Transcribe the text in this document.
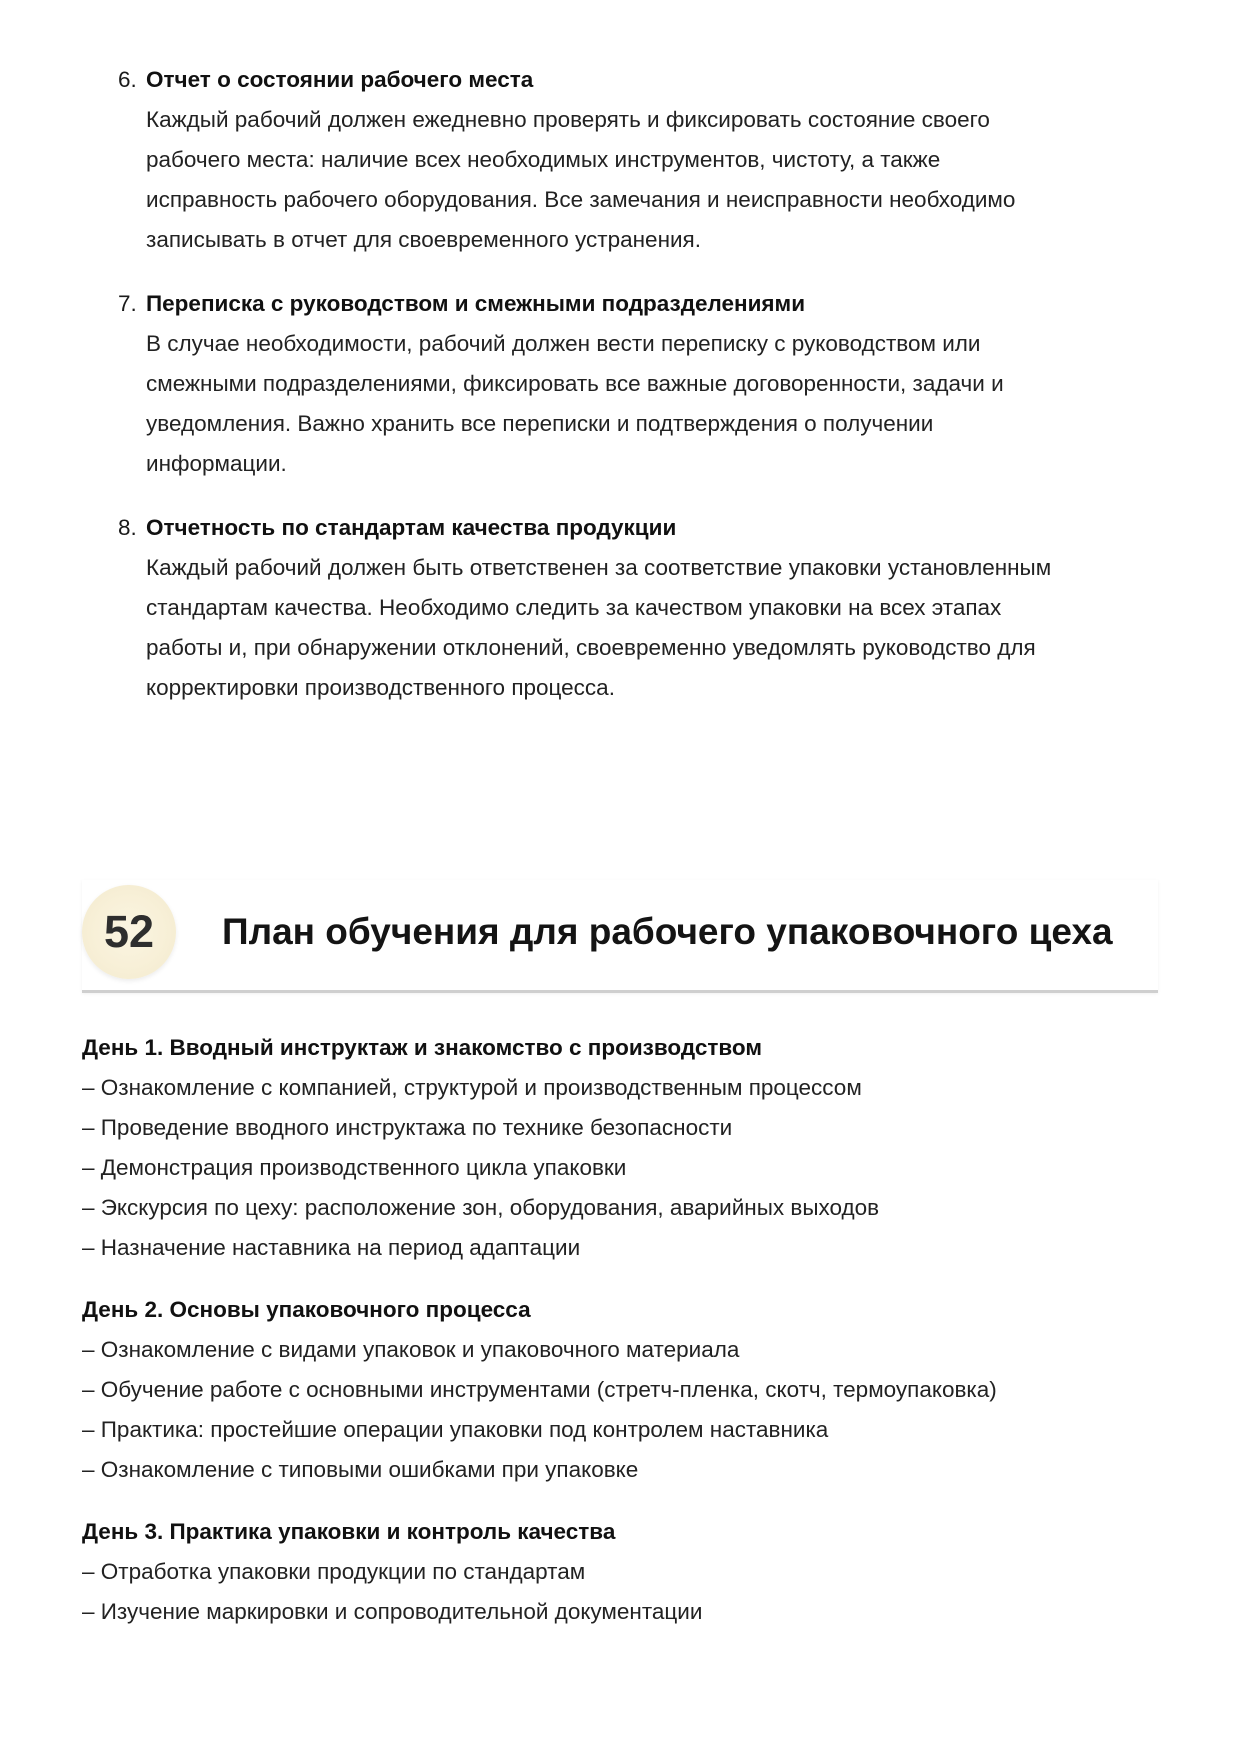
6. Отчет о состоянии рабочего места

Каждый рабочий должен ежедневно проверять и фиксировать состояние своего

рабочего места: наличие всех необходимых инструментов, чистоту, а также

исправность рабочего оборудования. Все замечания и неисправности необходимо

записывать в отчет для своевременного устранения.

7. Переписка с руководством и смежными подразделениями

В случае необходимости, рабочий должен вести переписку с руководством или

смежными подразделениями, фиксировать все важные договоренности, задачи и

уведомления. Важно хранить все переписки и подтверждения о получении

информации.

8. Отчетность по стандартам качества продукции

Каждый рабочий должен быть ответственен за соответствие упаковки установленным

стандартам качества. Необходимо следить за качеством упаковки на всех этапах

работы и, при обнаружении отклонений, своевременно уведомлять руководство для

корректировки производственного процесса.

52	План обучения для рабочего упаковочного цеха

День 1. Вводный инструктаж и знакомство с производством

– Ознакомление с компанией, структурой и производственным процессом

– Проведение вводного инструктажа по технике безопасности

– Демонстрация производственного цикла упаковки

– Экскурсия по цеху: расположение зон, оборудования, аварийных выходов

– Назначение наставника на период адаптации

День 2. Основы упаковочного процесса

– Ознакомление с видами упаковок и упаковочного материала

– Обучение работе с основными инструментами (стретч-пленка, скотч, термоупаковка)

– Практика: простейшие операции упаковки под контролем наставника

– Ознакомление с типовыми ошибками при упаковке

День 3. Практика упаковки и контроль качества

– Отработка упаковки продукции по стандартам

– Изучение маркировки и сопроводительной документации
